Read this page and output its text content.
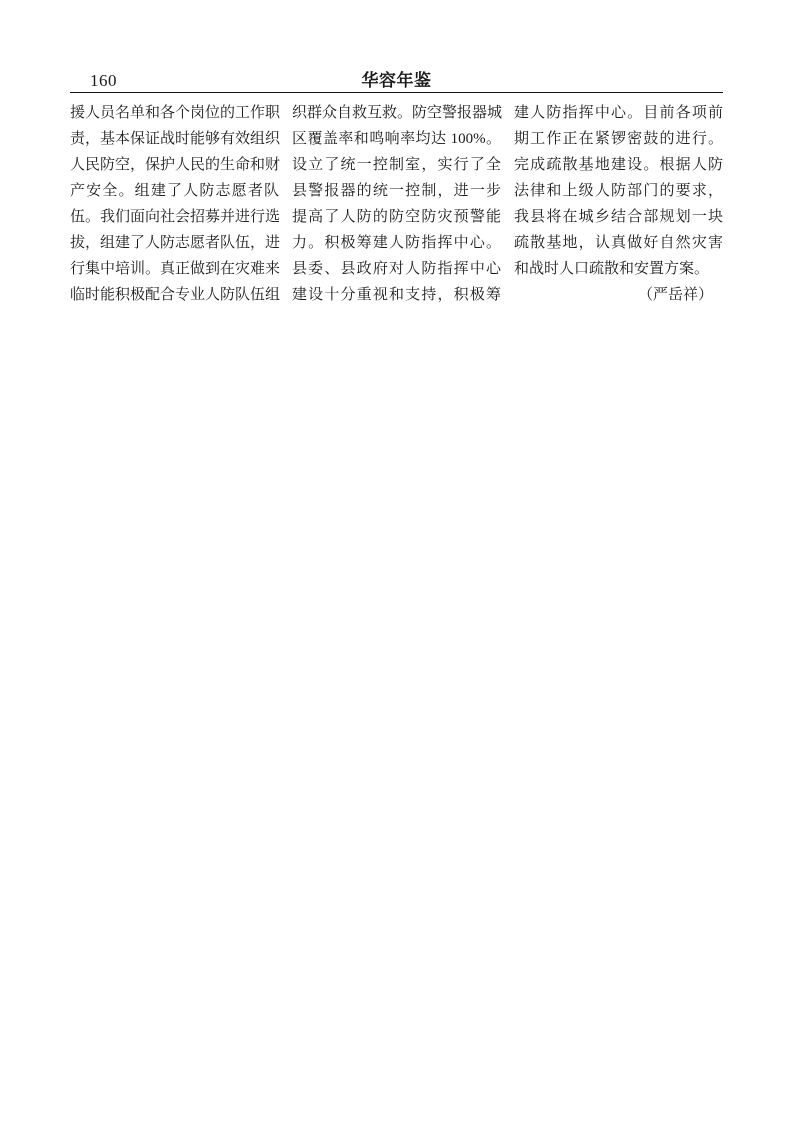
160	华容年鉴
援人员名单和各个岗位的工作职
责，基本保证战时能够有效组织
人民防空，保护人民的生命和财
产安全。组建了人防志愿者队
伍。我们面向社会招募并进行选
拔，组建了人防志愿者队伍，进
行集中培训。真正做到在灾难来
临时能积极配合专业人防队伍组
织群众自救互救。防空警报器城
区覆盖率和鸣响率均达 100%。
设立了统一控制室，实行了全
县警报器的统一控制，进一步
提高了人防的防空防灾预警能
力。积极筹建人防指挥中心。
县委、县政府对人防指挥中心
建设十分重视和支持，积极筹
建人防指挥中心。目前各项前
期工作正在紧锣密鼓的进行。
完成疏散基地建设。根据人防
法律和上级人防部门的要求，
我县将在城乡结合部规划一块
疏散基地，认真做好自然灾害
和战时人口疏散和安置方案。
（严岳祥）
